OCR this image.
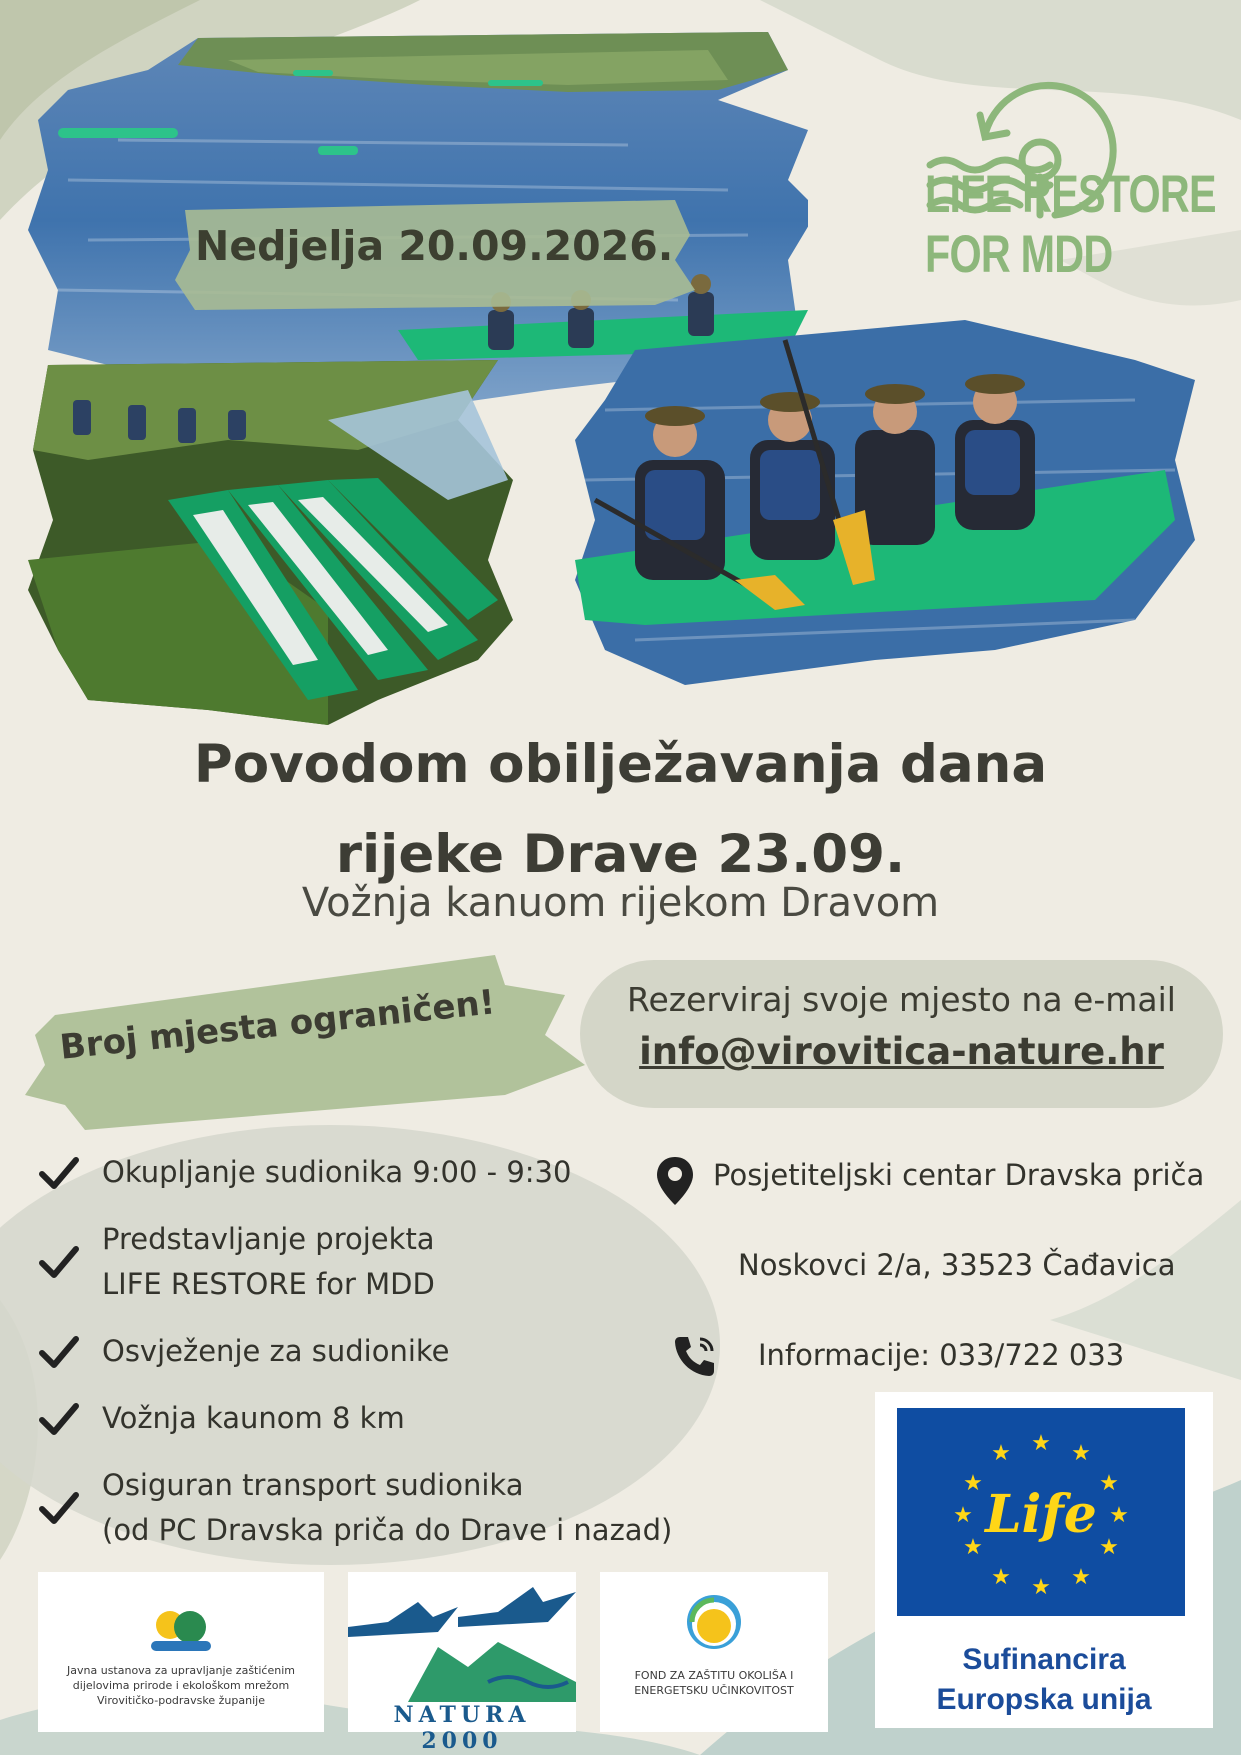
Nedjelja 20.09.2026.
LIFE RESTORE
FOR MDD
Povodom obilježavanja dana
rijeke Drave 23.09.
Vožnja kanuom rijekom Dravom
Broj mjesta ograničen!	Rezerviraj svoje mjesto na e-mail
info@virovitica-nature.hr
Okupljanje sudionika 9:00 - 9:30
Predstavljanje projekta
LIFE RESTORE for MDD
Osvježenje za sudionike
Vožnja kaunom 8 km
Osiguran transport sudionika
(od PC Dravska priča do Drave i nazad)
Posjetiteljski centar Dravska priča
Noskovci 2/a, 33523 Čađavica
Informacije: 033/722 033
Javna ustanova za upravljanje zaštićenim
dijelovima prirode i ekološkom mrežom
Virovitičko-podravske županije
NATURA 2000
FOND ZA ZAŠTITU OKOLIŠA I
ENERGETSKU UČINKOVITOST
★ ★
★
★
★
★
★
★
★
★
★
★
Life
Sufinancira
Europska unija
